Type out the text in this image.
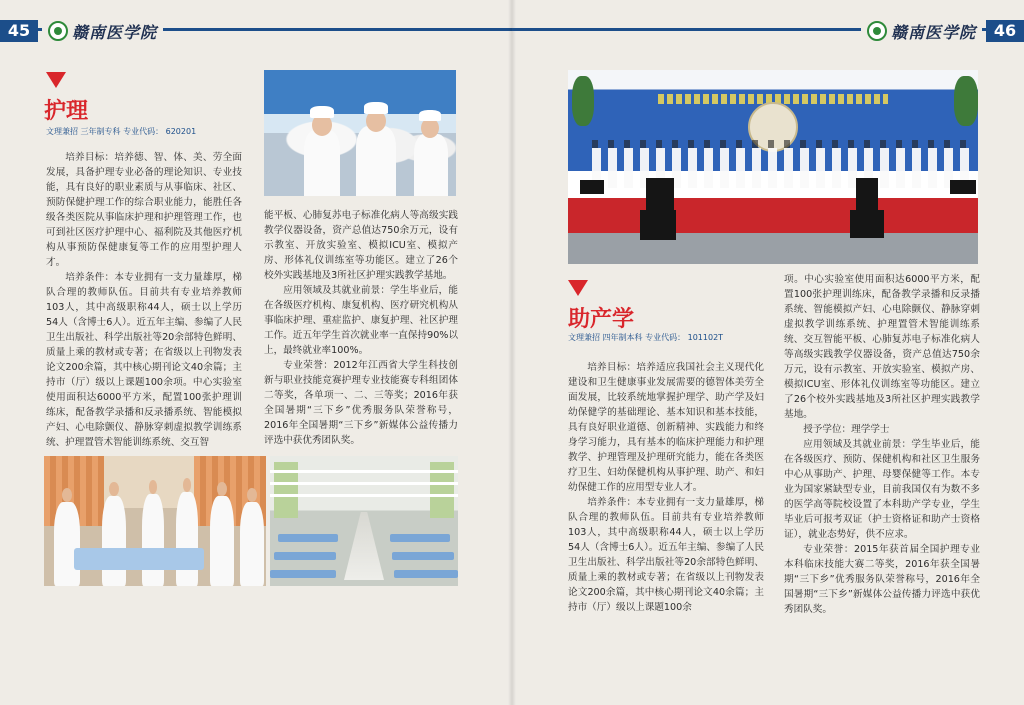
45	赣南医学院
护理
文理兼招 三年制专科 专业代码： 620201

培养目标：培养德、智、体、美、劳全面发展，具备护理专业必备的理论知识、专业技能，具有良好的职业素质与从事临床、社区、预防保健护理工作的综合职业能力，能胜任各级各类医院从事临床护理和护理管理工作，也可到社区医疗护理中心、福利院及其他医疗机构从事预防保健康复等工作的应用型护理人才。

培养条件：本专业拥有一支力量雄厚，梯队合理的教师队伍。目前共有专业培养教师103人，其中高级职称44人，硕士以上学历54人（含博士6人）。近五年主编、参编了人民卫生出版社、科学出版社等20余部特色鲜明、质量上乘的教材或专著；在省级以上刊物发表论文200余篇，其中核心期刊论文40余篇；主持市（厅）级以上课题100余项。中心实验室使用面积达6000平方米，配置100张护理训练床，配备教学录播和反录播系统、智能模拟产妇、心电除颤仪、静脉穿刺虚拟教学训练系统、护理置管术智能训练系统、交互智

能平板、心肺复苏电子标准化病人等高级实践教学仪器设备，资产总值达750余万元，设有示教室、开放实验室、模拟ICU室、模拟产房、形体礼仪训练室等功能区。建立了26个校外实践基地及3所社区护理实践教学基地。

应用领域及其就业前景：学生毕业后，能在各级医疗机构、康复机构、医疗研究机构从事临床护理、重症监护、康复护理、社区护理工作。近五年学生首次就业率一直保持90%以上，最终就业率100%。

专业荣誉：2012年江西省大学生科技创新与职业技能竞赛护理专业技能赛专科组团体二等奖，各单项一、二、三等奖；2016年获全国暑期“三下乡”优秀服务队荣誉称号，2016年全国暑期“三下乡”新媒体公益传播力评选中获优秀团队奖。

46
赣南医学院
助产学
文理兼招 四年制本科 专业代码： 101102T

培养目标：培养适应我国社会主义现代化建设和卫生健康事业发展需要的德智体美劳全面发展，比较系统地掌握护理学、助产学及妇幼保健学的基础理论、基本知识和基本技能，具有良好职业道德、创新精神、实践能力和终身学习能力，具有基本的临床护理能力和护理教学、护理管理及护理研究能力，能在各类医疗卫生、妇幼保健机构从事护理、助产、和妇幼保健工作的应用型专业人才。

培养条件：本专业拥有一支力量雄厚，梯队合理的教师队伍。目前共有专业培养教师103人，其中高级职称44人，硕士以上学历54人（含博士6人）。近五年主编、参编了人民卫生出版社、科学出版社等20余部特色鲜明、质量上乘的教材或专著；在省级以上刊物发表论文200余篇，其中核心期刊论文40余篇；主持市（厅）级以上课题100余

项。中心实验室使用面积达6000平方米，配置100张护理训练床，配备教学录播和反录播系统、智能模拟产妇、心电除颤仪、静脉穿刺虚拟教学训练系统、护理置管术智能训练系统、交互智能平板、心肺复苏电子标准化病人等高级实践教学仪器设备，资产总值达750余万元，设有示教室、开放实验室、模拟产房、模拟ICU室、形体礼仪训练室等功能区。建立了26个校外实践基地及3所社区护理实践教学基地。

授予学位：理学学士

应用领域及其就业前景：学生毕业后，能在各级医疗、预防、保健机构和社区卫生服务中心从事助产、护理、母婴保健等工作。本专业为国家紧缺型专业，目前我国仅有为数不多的医学高等院校设置了本科助产学专业，学生毕业后可报考双证（护士资格证和助产士资格证），就业态势好，供不应求。

专业荣誉：2015年获首届全国护理专业本科临床技能大赛二等奖，2016年获全国暑期“三下乡”优秀服务队荣誉称号，2016年全国暑期“三下乡”新媒体公益传播力评选中获优秀团队奖。
